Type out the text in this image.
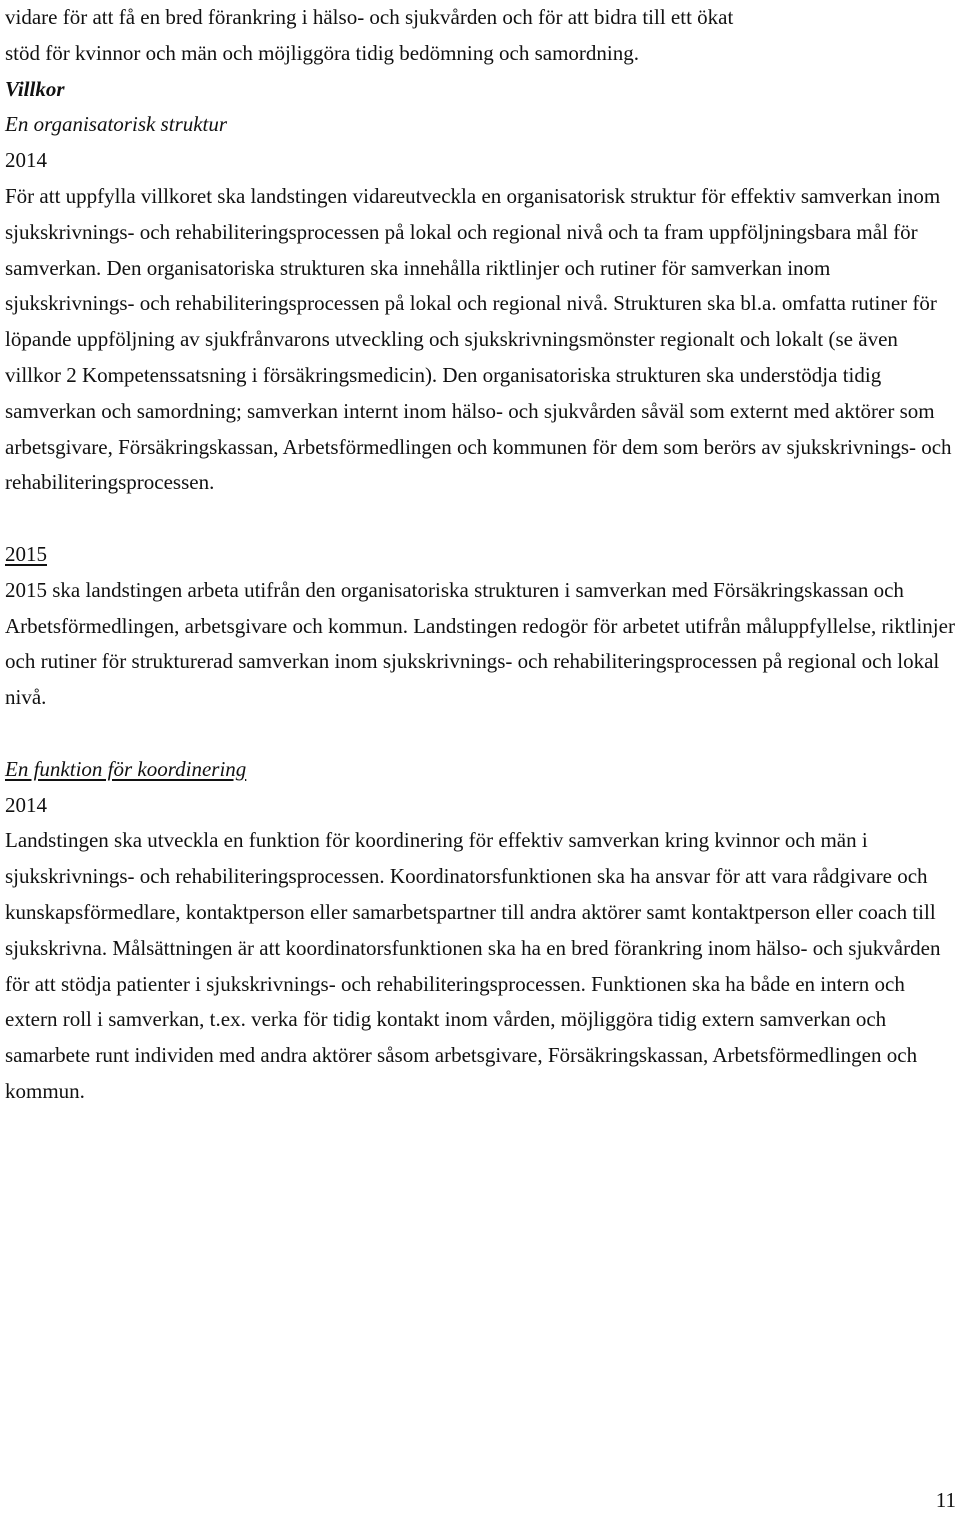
vidare för att få en bred förankring i hälso- och sjukvården och för att bidra till ett ökat

stöd för kvinnor och män och möjliggöra tidig bedömning och samordning.

Villkor

En organisatorisk struktur

2014

För att uppfylla villkoret ska landstingen vidareutveckla en organisatorisk struktur för effektiv samverkan inom sjukskrivnings- och rehabiliteringsprocessen på lokal och regional nivå och ta fram uppföljningsbara mål för samverkan. Den organisatoriska strukturen ska innehålla riktlinjer och rutiner för samverkan inom sjukskrivnings- och rehabiliteringsprocessen på lokal och regional nivå. Strukturen ska bl.a. omfatta rutiner för löpande uppföljning av sjukfrånvarons utveckling och sjukskrivningsmönster regionalt och lokalt (se även villkor 2 Kompetenssatsning i försäkringsmedicin). Den organisatoriska strukturen ska understödja tidig samverkan och samordning; samverkan internt inom hälso- och sjukvården såväl som externt med aktörer som arbetsgivare, Försäkringskassan, Arbetsförmedlingen och kommunen för dem som berörs av sjukskrivnings- och rehabiliteringsprocessen.

2015

2015 ska landstingen arbeta utifrån den organisatoriska strukturen i samverkan med Försäkringskassan och Arbetsförmedlingen, arbetsgivare och kommun. Landstingen redogör för arbetet utifrån måluppfyllelse, riktlinjer och rutiner för strukturerad samverkan inom sjukskrivnings- och rehabiliteringsprocessen på regional och lokal nivå.

En funktion för koordinering

2014

Landstingen ska utveckla en funktion för koordinering för effektiv samverkan kring kvinnor och män i sjukskrivnings- och rehabiliteringsprocessen. Koordinatorsfunktionen ska ha ansvar för att vara rådgivare och kunskapsförmedlare, kontaktperson eller samarbetspartner till andra aktörer samt kontaktperson eller coach till sjukskrivna. Målsättningen är att koordinatorsfunktionen ska ha en bred förankring inom hälso- och sjukvården för att stödja patienter i sjukskrivnings- och rehabiliteringsprocessen. Funktionen ska ha både en intern och extern roll i samverkan, t.ex. verka för tidig kontakt inom vården, möjliggöra tidig extern samverkan och samarbete runt individen med andra aktörer såsom arbetsgivare, Försäkringskassan, Arbetsförmedlingen och kommun.

11
